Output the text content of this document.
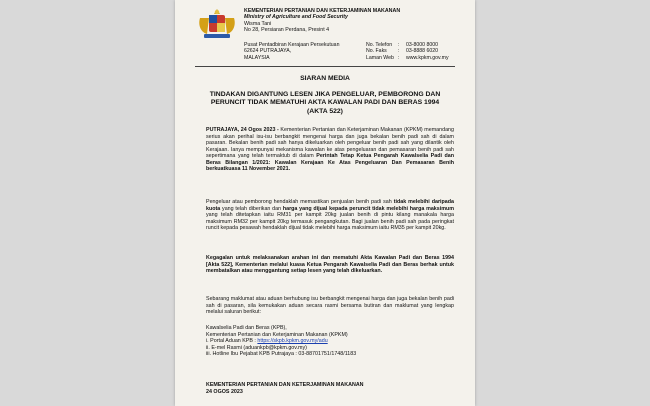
KEMENTERIAN PERTANIAN DAN KETERJAMINAN MAKANAN
Ministry of Agriculture and Food Security
Wisma Tani
No 28, Persiaran Perdana, Presint 4
Pusat Pentadbiran Kerajaan Persekutuan
62624 PUTRAJAYA,
MALAYSIA
No. Telefon	:	03-8000 8000
No. Faks	:	03-8888 6020
Laman Web :	www.kpkm.gov.my
SIARAN MEDIA
TINDAKAN DIGANTUNG LESEN JIKA PENGELUAR, PEMBORONG DAN PERUNCIT TIDAK MEMATUHI AKTA KAWALAN PADI DAN BERAS 1994 (AKTA 522)
PUTRAJAYA, 24 Ogos 2023 - Kementerian Pertanian dan Keterjaminan Makanan (KPKM) memandang serius akan perihal isu-isu berbangkit mengenai harga dan juga bekalan benih padi sah di dalam pasaran. Bekalan benih padi sah hanya dikeluarkan oleh pengeluar benih padi sah yang dilantik oleh Kerajaan. Ianya mempunyai mekanisma kawalan ke atas pengeluaran dan pemasaran benih padi sah sepertimana yang telah termaktub di dalam Perintah Tetap Ketua Pengarah Kawalselia Padi dan Beras Bilangan 1/2021: Kawalan Kerajaan Ke Atas Pengeluaran Dan Pemasaran Benih berkuatkuasa 11 November 2021.
Pengeluar atau pemborong hendaklah memastikan penjualan benih padi sah tidak melebihi daripada kuota yang telah diberikan dan harga yang dijual kepada peruncit tidak melebihi harga maksimum yang telah ditetapkan iaitu RM31 per kampit 20kg jualan benih di pintu kilang manakala harga maksimum RM32 per kampit 20kg termasuk pengangkutan. Bagi jualan benih padi sah pada peringkat runcit kepada pesawah hendaklah dijual tidak melebihi harga maksimum iaitu RM35 per kampit 20kg.
Kegagalan untuk melaksanakan arahan ini dan mematuhi Akta Kawalan Padi dan Beras 1994 [Akta 522], Kementerian melalui kuasa Ketua Pengarah Kawalselia Padi dan Beras berhak untuk membatalkan atau menggantung setiap lesen yang telah dikeluarkan.
Sebarang maklumat atau aduan berhubung isu berbangkit mengenai harga dan juga bekalan benih padi sah di pasaran, sila kemukakan aduan secara rasmi bersama butiran dan maklumat yang lengkap melalui saluran berikut:
Kawalselia Padi dan Beras (KPB),
Kementerian Pertanian dan Keterjaminan Makanan (KPKM)
i. Portal Aduan KPB : https://skpb.kpkm.gov.my/adu
ii. E-mel Rasmi (aduankpb@kpkm.gov.my)
iii. Hotline Ibu Pejabat KPB Putrajaya : 03-88701751/1748/1183
KEMENTERIAN PERTANIAN DAN KETERJAMINAN MAKANAN
24 OGOS 2023
